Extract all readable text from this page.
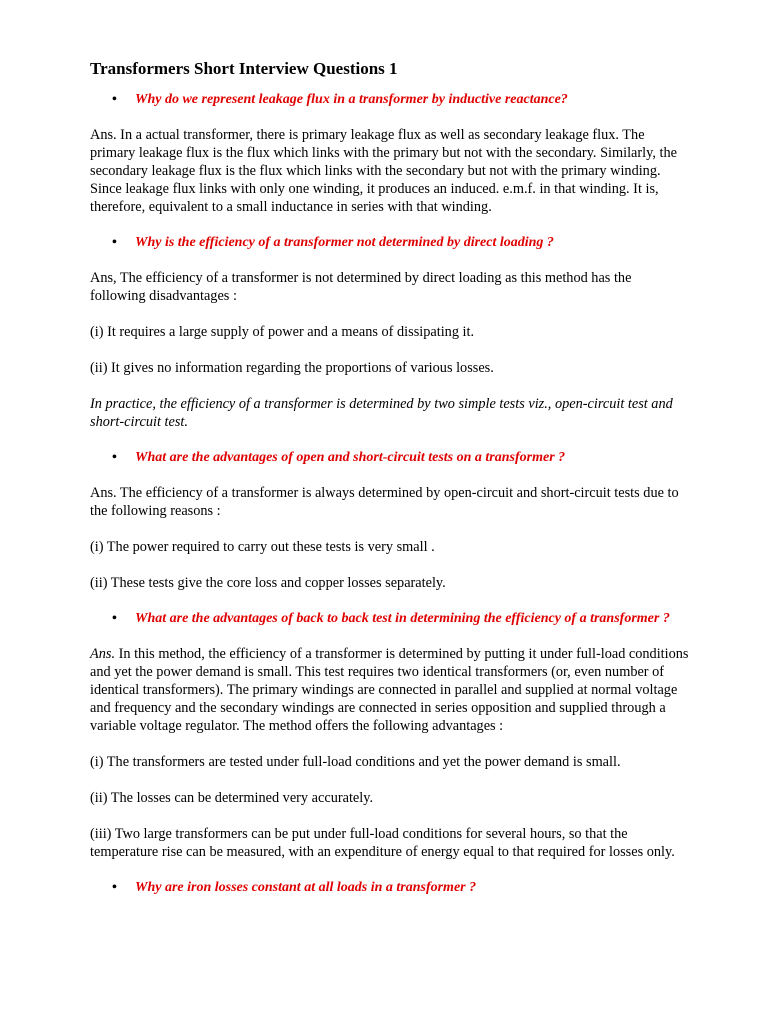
Transformers Short Interview Questions 1
• Why do we represent leakage flux in a transformer by inductive reactance?

Ans. In a actual transformer, there is primary leakage flux as well as secondary leakage flux. The primary leakage flux is the flux which links with the primary but not with the secondary. Similarly, the secondary leakage flux is the flux which links with the secondary but not with the primary winding. Since leakage flux links with only one winding, it produces an induced. e.m.f. in that winding. It is, therefore, equivalent to a small inductance in series with that winding.

• Why is the efficiency of a transformer not determined by direct loading ?

Ans, The efficiency of a transformer is not determined by direct loading as this method has the following disadvantages :

(i) It requires a large supply of power and a means of dissipating it.

(ii) It gives no information regarding the proportions of various losses.

In practice, the efficiency of a transformer is determined by two simple tests viz., open-circuit test and short-circuit test.

• What are the advantages of open and short-circuit tests on a transformer ?

Ans. The efficiency of a transformer is always determined by open-circuit and short-circuit tests due to the following reasons :

(i) The power required to carry out these tests is very small .

(ii) These tests give the core loss and copper losses separately.

• What are the advantages of back to back test in determining the efficiency of a transformer ?

Ans. In this method, the efficiency of a transformer is determined by putting it under full-load conditions and yet the power demand is small. This test requires two identical transformers (or, even number of identical transformers). The primary windings are connected in parallel and supplied at normal voltage and frequency and the secondary windings are connected in series opposition and supplied through a variable voltage regulator. The method offers the following advantages :

(i) The transformers are tested under full-load conditions and yet the power demand is small.

(ii) The losses can be determined very accurately.

(iii) Two large transformers can be put under full-load conditions for several hours, so that the temperature rise can be measured, with an expenditure of energy equal to that required for losses only.

• Why are iron losses constant at all loads in a transformer ?
